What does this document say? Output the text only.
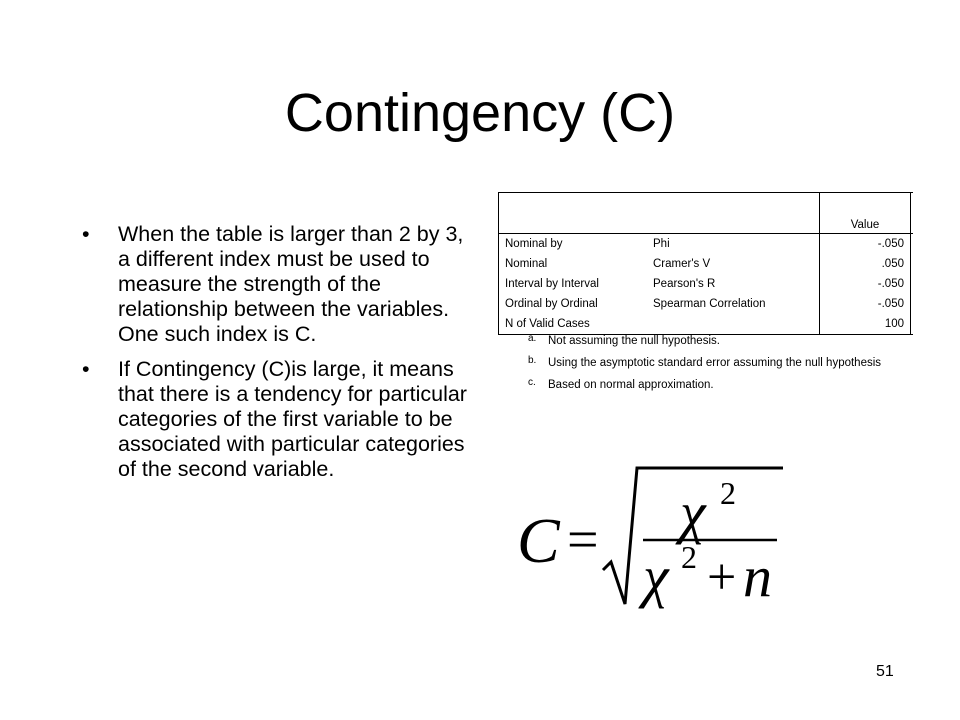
Contingency (C)
• When the table is larger than 2 by 3, a different index must be used to measure the strength of the relationship between the variables. One such index is C.
• If Contingency (C)is large, it means that there is a tendency for particular categories of the first variable to be associated with particular categories of the second variable.
		Value	
Nominal by	Phi	-.050	
Nominal	Cramer's V	.050	
Interval by Interval	Pearson's R	-.050	
Ordinal by Ordinal	Spearman Correlation	-.050	
N of Valid Cases		100	
a.	Not assuming the null hypothesis.
b.	Using the asymptotic standard error assuming the null hypothesis
c.	Based on normal approximation.
C = χ 2
χ 2 + n
51
